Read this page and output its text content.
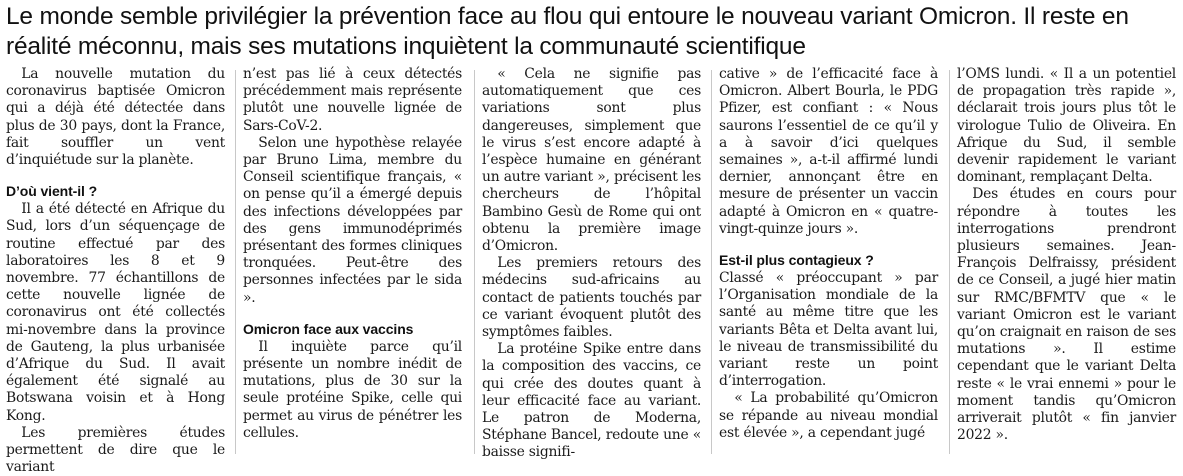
Le monde semble privilégier la prévention face au flou qui entoure le nouveau variant Omicron. Il reste en réalité méconnu, mais ses mutations inquiètent la communauté scientifique

La nouvelle mutation du coronavirus baptisée Omicron qui a déjà été détectée dans plus de 30 pays, dont la France, fait souffler un vent d’inquiétude sur la planète.

D’où vient-il ?

Il a été détecté en Afrique du Sud, lors d’un séquençage de routine effectué par des laboratoires les 8 et 9 novembre. 77 échantillons de cette nouvelle lignée de coronavirus ont été collectés mi-novembre dans la province de Gauteng, la plus urbanisée d’Afrique du Sud. Il avait également été signalé au Botswana voisin et à Hong Kong.

Les premières études permettent de dire que le variant

n’est pas lié à ceux détectés précédemment mais représente plutôt une nouvelle lignée de Sars-CoV-2.

Selon une hypothèse relayée par Bruno Lima, membre du Conseil scientifique français, « on pense qu’il a émergé depuis des infections développées par des gens immunodéprimés présentant des formes cliniques tronquées. Peut-être des personnes infectées par le sida ».

Omicron face aux vaccins

Il inquiète parce qu’il présente un nombre inédit de mutations, plus de 30 sur la seule protéine Spike, celle qui permet au virus de pénétrer les cellules.

« Cela ne signifie pas automatiquement que ces variations sont plus dangereuses, simplement que le virus s’est encore adapté à l’espèce humaine en générant un autre variant », précisent les chercheurs de l’hôpital Bambino Gesù de Rome qui ont obtenu la première image d’Omicron.

Les premiers retours des médecins sud-africains au contact de patients touchés par ce variant évoquent plutôt des symptômes faibles.

La protéine Spike entre dans la composition des vaccins, ce qui crée des doutes quant à leur efficacité face au variant. Le patron de Moderna, Stéphane Bancel, redoute une « baisse signifi-

cative » de l’efficacité face à Omicron. Albert Bourla, le PDG Pfizer, est confiant : « Nous saurons l’essentiel de ce qu’il y a à savoir d’ici quelques semaines », a-t-il affirmé lundi dernier, annonçant être en mesure de présenter un vaccin adapté à Omicron en « quatre-vingt-quinze jours ».

Est-il plus contagieux ?

Classé « préoccupant » par l’Organisation mondiale de la santé au même titre que les variants Bêta et Delta avant lui, le niveau de transmissibilité du variant reste un point d’interrogation.

« La probabilité qu’Omicron se répande au niveau mondial est élevée », a cependant jugé

l’OMS lundi. « Il a un potentiel de propagation très rapide », déclarait trois jours plus tôt le virologue Tulio de Oliveira. En Afrique du Sud, il semble devenir rapidement le variant dominant, remplaçant Delta.

Des études en cours pour répondre à toutes les interrogations prendront plusieurs semaines. Jean-François Delfraissy, président de ce Conseil, a jugé hier matin sur RMC/BFMTV que « le variant Omicron est le variant qu’on craignait en raison de ses mutations ». Il estime cependant que le variant Delta reste « le vrai ennemi » pour le moment tandis qu’Omicron arriverait plutôt « fin janvier 2022 ».
